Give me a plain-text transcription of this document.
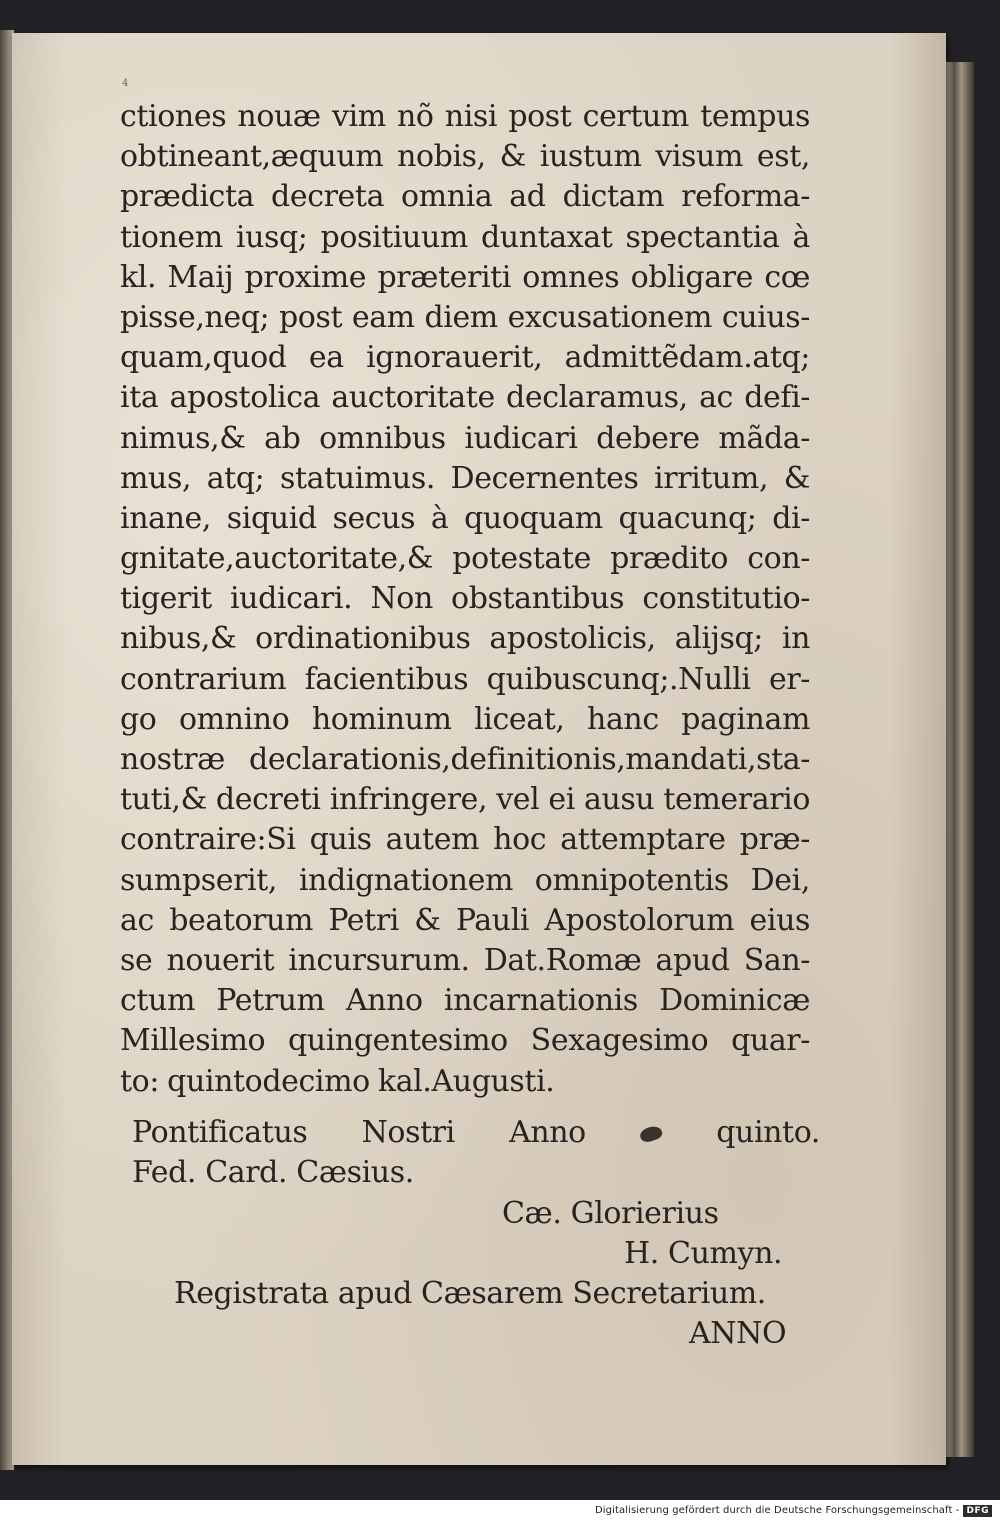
4
ctiones nouæ vim nõ nisi post certum tempus
obtineant,æquum nobis, & iustum visum est,
prædicta decreta omnia ad dictam reforma-
tionem iusq; positiuum duntaxat spectantia à
kl. Maij proxime præteriti omnes obligare cœ
pisse,neq; post eam diem excusationem cuius-
quam,quod ea ignorauerit, admittẽdam.atq;
ita apostolica auctoritate declaramus, ac defi-
nimus,& ab omnibus iudicari debere mãda-
mus, atq; statuimus. Decernentes irritum, &
inane, siquid secus à quoquam quacunq; di-
gnitate,auctoritate,& potestate prædito con-
tigerit iudicari. Non obstantibus constitutio-
nibus,& ordinationibus apostolicis, alijsq; in
contrarium facientibus quibuscunq;.Nulli er-
go omnino hominum liceat, hanc paginam
nostræ declarationis,definitionis,mandati,sta-
tuti,& decreti infringere, vel ei ausu temerario
contraire:Si quis autem hoc attemptare præ-
sumpserit, indignationem omnipotentis Dei,
ac beatorum Petri & Pauli Apostolorum eius
se nouerit incursurum. Dat.Romæ apud San-
ctum Petrum Anno incarnationis Dominicæ
Millesimo quingentesimo Sexagesimo quar-
to: quintodecimo kal.Augusti.
Pontificatus Nostri Anno	quinto.
Fed. Card. Cæsius.
Cæ. Glorierius
H. Cumyn.
Registrata apud Cæsarem Secretarium.
ANNO
Digitalisierung gefördert durch die Deutsche Forschungsgemeinschaft - DFG
